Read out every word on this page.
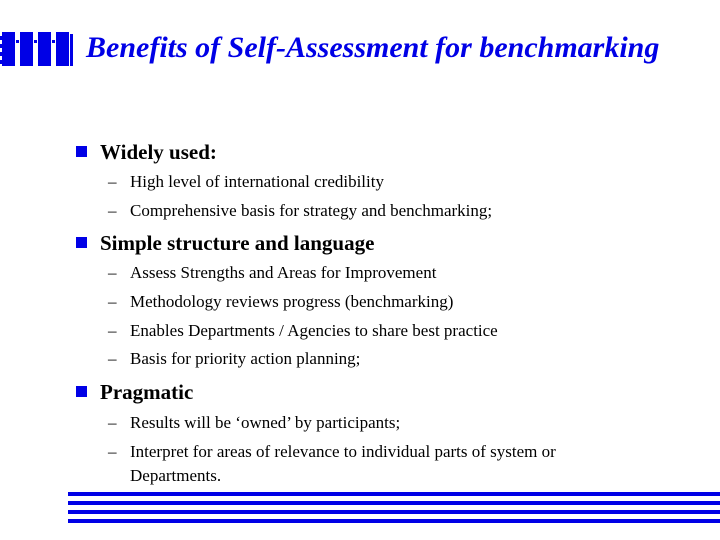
Benefits of Self-Assessment for benchmarking
Widely used:
– High level of international credibility
– Comprehensive basis for strategy and benchmarking;
Simple structure and language
– Assess Strengths and Areas for Improvement
– Methodology reviews progress (benchmarking)
– Enables Departments / Agencies to share best practice
– Basis for priority action planning;
Pragmatic
– Results will be ‘owned’ by participants;
– Interpret for areas of relevance to individual parts of system or Departments.
